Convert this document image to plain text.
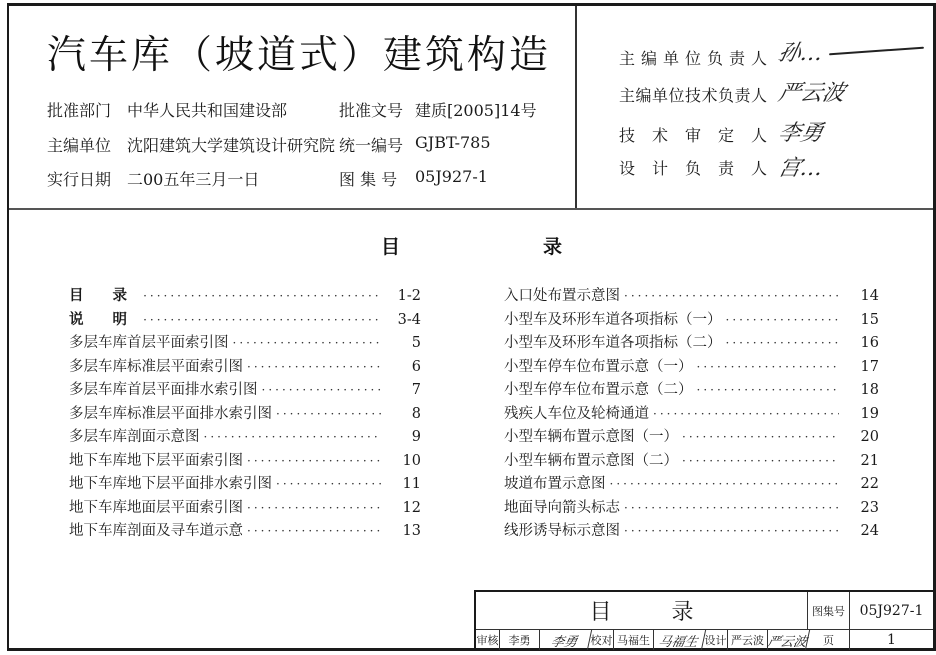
汽车库（坡道式）建筑构造
批准部门 中华人民共和国建设部	批准文号 建质[2005]14号
主编单位 沈阳建筑大学建筑设计研究院 统一编号 GJBT-785
实行日期 二00五年三月一日	图 集 号 05J927-1
主编单位负责人 孙…
主编单位技术负责人 严云波
技术审定人 李勇
设计负责人 宫…
目	录
目 录 ·····	1-2
说 明 ·····	3-4
多层车库首层平面索引图 ·····	5
多层车库标准层平面索引图 ·····	6
多层车库首层平面排水索引图 ·····	7
多层车库标准层平面排水索引图 ·····	8
多层车库剖面示意图 ·····	9
地下车库地下层平面索引图 ·····	10
地下车库地下层平面排水索引图 ·····	11
地下车库地面层平面索引图 ·····	12
地下车库剖面及寻车道示意 ·····	13
入口处布置示意图 ·····	14
小型车及环形车道各项指标（一） ·····	15
小型车及环形车道各项指标（二） ·····	16
小型车停车位布置示意（一） ·····	17
小型车停车位布置示意（二） ·····	18
残疾人车位及轮椅通道 ·····	19
小型车辆布置示意图（一） ·····	20
小型车辆布置示意图（二） ·····	21
坡道布置示意图 ·····	22
地面导向箭头标志 ·····	23
线形诱导标示意图 ·····	24
目录	图集号	05J927-1
审核 李勇	李勇	校对 马福生 马福生 设计 严云波 严云波	页	1
